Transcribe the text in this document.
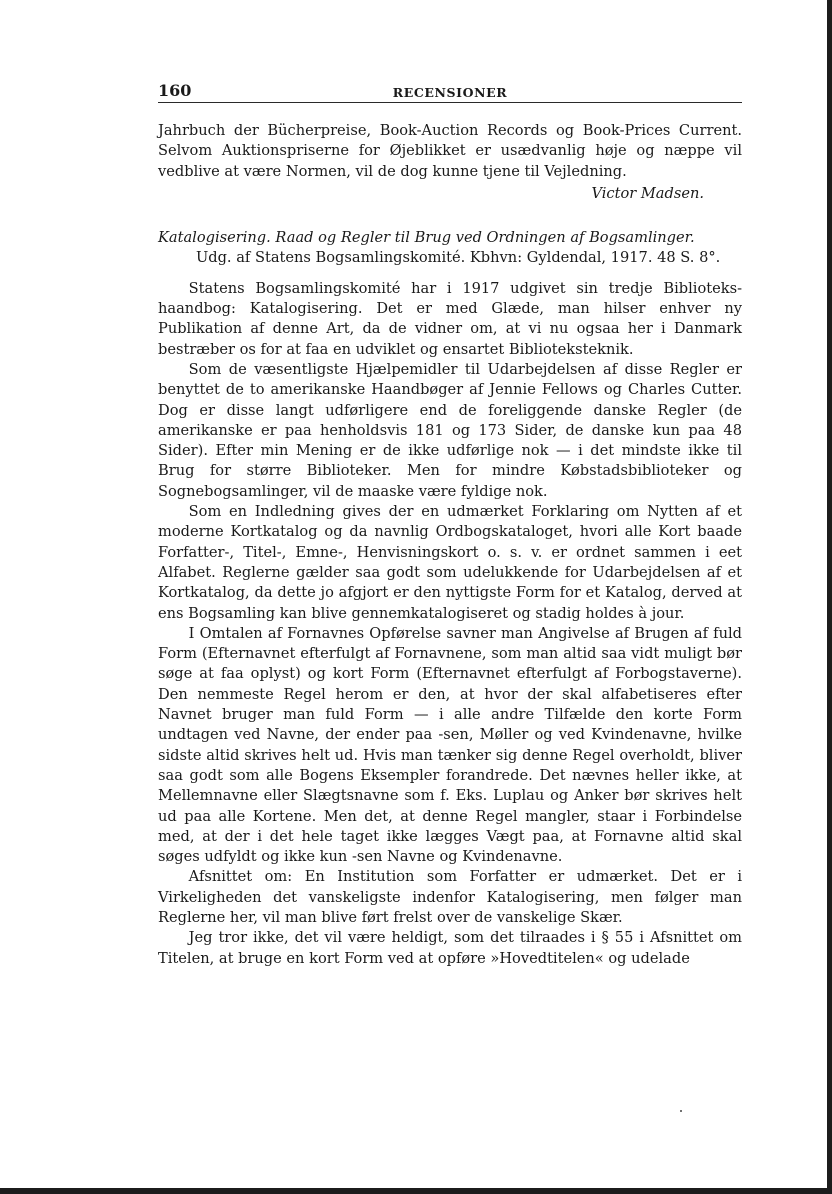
160	RECENSIONER

Jahrbuch der Bücherpreise, Book-Auction Records og Book-Prices Current. Selvom Auktionspriserne for Øjeblikket er usædvanlig høje og næppe vil vedblive at være Normen, vil de dog kunne tjene til Vejledning.

Victor Madsen.

Katalogisering. Raad og Regler til Brug ved Ordningen af Bogsamlinger.

Udg. af Statens Bogsamlingskomité. Kbhvn: Gyldendal, 1917. 48 S. 8°.

Statens Bogsamlingskomité har i 1917 udgivet sin tredje Biblioteks-haandbog: Katalogisering. Det er med Glæde, man hilser enhver ny Publikation af denne Art, da de vidner om, at vi nu ogsaa her i Danmark bestræber os for at faa en udviklet og ensartet Biblioteksteknik.

Som de væsentligste Hjælpemidler til Udarbejdelsen af disse Regler er benyttet de to amerikanske Haandbøger af Jennie Fellows og Charles Cutter. Dog er disse langt udførligere end de foreliggende danske Regler (de amerikanske er paa henholdsvis 181 og 173 Sider, de danske kun paa 48 Sider). Efter min Mening er de ikke udførlige nok — i det mindste ikke til Brug for større Biblioteker. Men for mindre Købstadsbiblioteker og Sognebogsamlinger, vil de maaske være fyldige nok.

Som en Indledning gives der en udmærket Forklaring om Nytten af et moderne Kortkatalog og da navnlig Ordbogskataloget, hvori alle Kort baade Forfatter-, Titel-, Emne-, Henvisningskort o. s. v. er ordnet sammen i eet Alfabet. Reglerne gælder saa godt som udelukkende for Udarbejdelsen af et Kortkatalog, da dette jo afgjort er den nyttigste Form for et Katalog, derved at ens Bogsamling kan blive gennemkatalogiseret og stadig holdes à jour.

I Omtalen af Fornavnes Opførelse savner man Angivelse af Brugen af fuld Form (Efternavnet efterfulgt af Fornavnene, som man altid saa vidt muligt bør søge at faa oplyst) og kort Form (Efternavnet efterfulgt af Forbogstaverne). Den nemmeste Regel herom er den, at hvor der skal alfabetiseres efter Navnet bruger man fuld Form — i alle andre Tilfælde den korte Form undtagen ved Navne, der ender paa -sen, Møller og ved Kvindenavne, hvilke sidste altid skrives helt ud. Hvis man tænker sig denne Regel overholdt, bliver saa godt som alle Bogens Eksempler forandrede. Det nævnes heller ikke, at Mellemnavne eller Slægtsnavne som f. Eks. Luplau og Anker bør skrives helt ud paa alle Kortene. Men det, at denne Regel mangler, staar i Forbindelse med, at der i det hele taget ikke lægges Vægt paa, at Fornavne altid skal søges udfyldt og ikke kun -sen Navne og Kvindenavne.

Afsnittet om: En Institution som Forfatter er udmærket. Det er i Virkeligheden det vanskeligste indenfor Katalogisering, men følger man Reglerne her, vil man blive ført frelst over de vanskelige Skær.

Jeg tror ikke, det vil være heldigt, som det tilraades i § 55 i Afsnittet om Titelen, at bruge en kort Form ved at opføre »Hovedtitelen« og udelade
